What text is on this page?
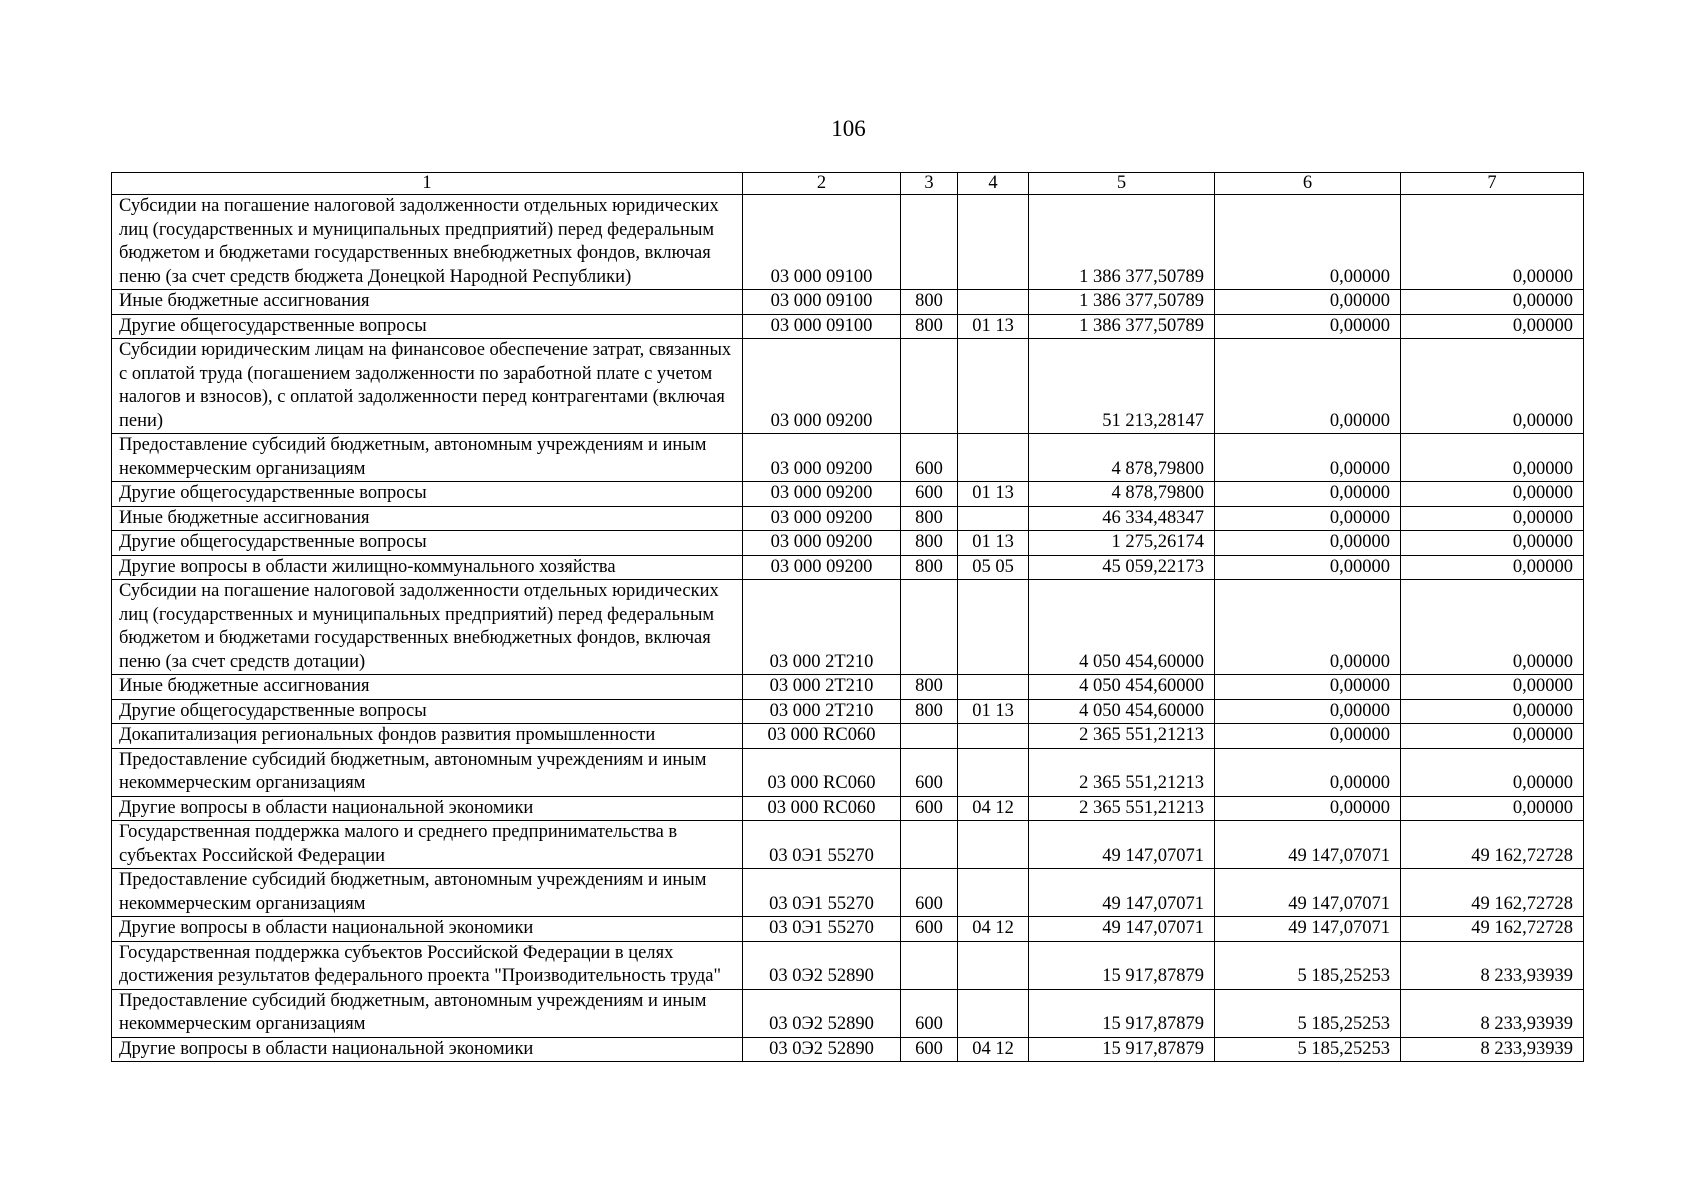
106
1	2	3	4	5	6	7
Субсидии на погашение налоговой задолженности отдельных юридических лиц (государственных и муниципальных предприятий) перед федеральным бюджетом и бюджетами государственных внебюджетных фондов, включая пеню (за счет средств бюджета Донецкой Народной Республики)	03 000 09100			1 386 377,50789	0,00000	0,00000
Иные бюджетные ассигнования	03 000 09100	800		1 386 377,50789	0,00000	0,00000
Другие общегосударственные вопросы	03 000 09100	800	01 13	1 386 377,50789	0,00000	0,00000
Субсидии юридическим лицам на финансовое обеспечение затрат, связанных с оплатой труда (погашением задолженности по заработной плате с учетом налогов и взносов), с оплатой задолженности перед контрагентами (включая пени)	03 000 09200			51 213,28147	0,00000	0,00000
Предоставление субсидий бюджетным, автономным учреждениям и иным некоммерческим организациям	03 000 09200	600		4 878,79800	0,00000	0,00000
Другие общегосударственные вопросы	03 000 09200	600	01 13	4 878,79800	0,00000	0,00000
Иные бюджетные ассигнования	03 000 09200	800		46 334,48347	0,00000	0,00000
Другие общегосударственные вопросы	03 000 09200	800	01 13	1 275,26174	0,00000	0,00000
Другие вопросы в области жилищно-коммунального хозяйства	03 000 09200	800	05 05	45 059,22173	0,00000	0,00000
Субсидии на погашение налоговой задолженности отдельных юридических лиц (государственных и муниципальных предприятий) перед федеральным бюджетом и бюджетами государственных внебюджетных фондов, включая пеню (за счет средств дотации)	03 000 2Т210			4 050 454,60000	0,00000	0,00000
Иные бюджетные ассигнования	03 000 2Т210	800		4 050 454,60000	0,00000	0,00000
Другие общегосударственные вопросы	03 000 2Т210	800	01 13	4 050 454,60000	0,00000	0,00000
Докапитализация региональных фондов развития промышленности	03 000 RC060			2 365 551,21213	0,00000	0,00000
Предоставление субсидий бюджетным, автономным учреждениям и иным некоммерческим организациям	03 000 RC060	600		2 365 551,21213	0,00000	0,00000
Другие вопросы в области национальной экономики	03 000 RC060	600	04 12	2 365 551,21213	0,00000	0,00000
Государственная поддержка малого и среднего предпринимательства в субъектах Российской Федерации	03 0Э1 55270			49 147,07071	49 147,07071	49 162,72728
Предоставление субсидий бюджетным, автономным учреждениям и иным некоммерческим организациям	03 0Э1 55270	600		49 147,07071	49 147,07071	49 162,72728
Другие вопросы в области национальной экономики	03 0Э1 55270	600	04 12	49 147,07071	49 147,07071	49 162,72728
Государственная поддержка субъектов Российской Федерации в целях достижения результатов федерального проекта "Производительность труда"	03 0Э2 52890			15 917,87879	5 185,25253	8 233,93939
Предоставление субсидий бюджетным, автономным учреждениям и иным некоммерческим организациям	03 0Э2 52890	600		15 917,87879	5 185,25253	8 233,93939
Другие вопросы в области национальной экономики	03 0Э2 52890	600	04 12	15 917,87879	5 185,25253	8 233,93939
